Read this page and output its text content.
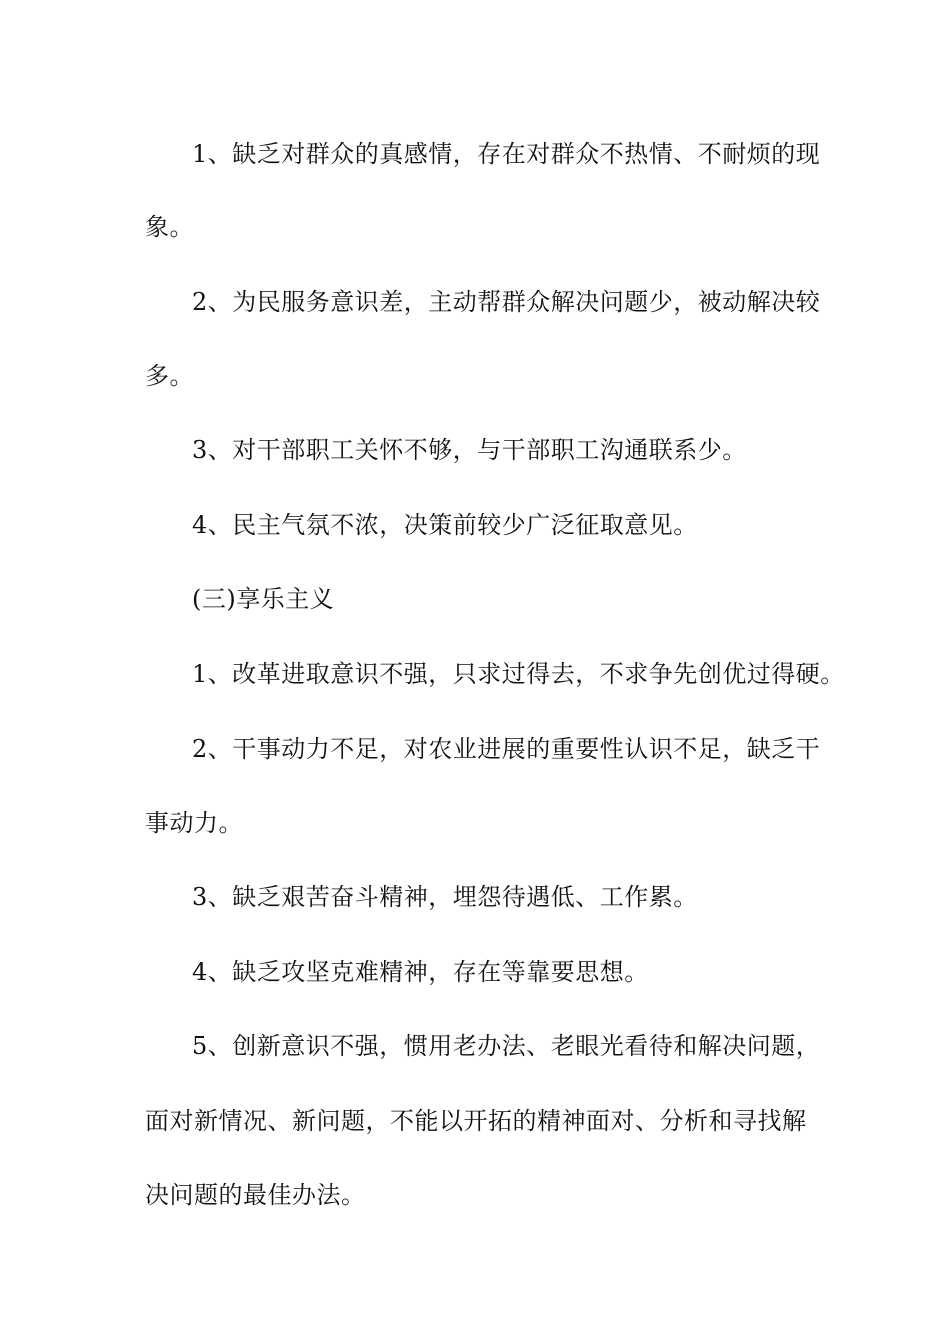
1、缺乏对群众的真感情，存在对群众不热情、不耐烦的现
象。
2、为民服务意识差，主动帮群众解决问题少，被动解决较
多。
3、对干部职工关怀不够，与干部职工沟通联系少。
4、民主气氛不浓，决策前较少广泛征取意见。
(三)享乐主义
1、改革进取意识不强，只求过得去，不求争先创优过得硬。
2、干事动力不足，对农业进展的重要性认识不足，缺乏干
事动力。
3、缺乏艰苦奋斗精神，埋怨待遇低、工作累。
4、缺乏攻坚克难精神，存在等靠要思想。
5、创新意识不强，惯用老办法、老眼光看待和解决问题，
面对新情况、新问题，不能以开拓的精神面对、分析和寻找解
决问题的最佳办法。
